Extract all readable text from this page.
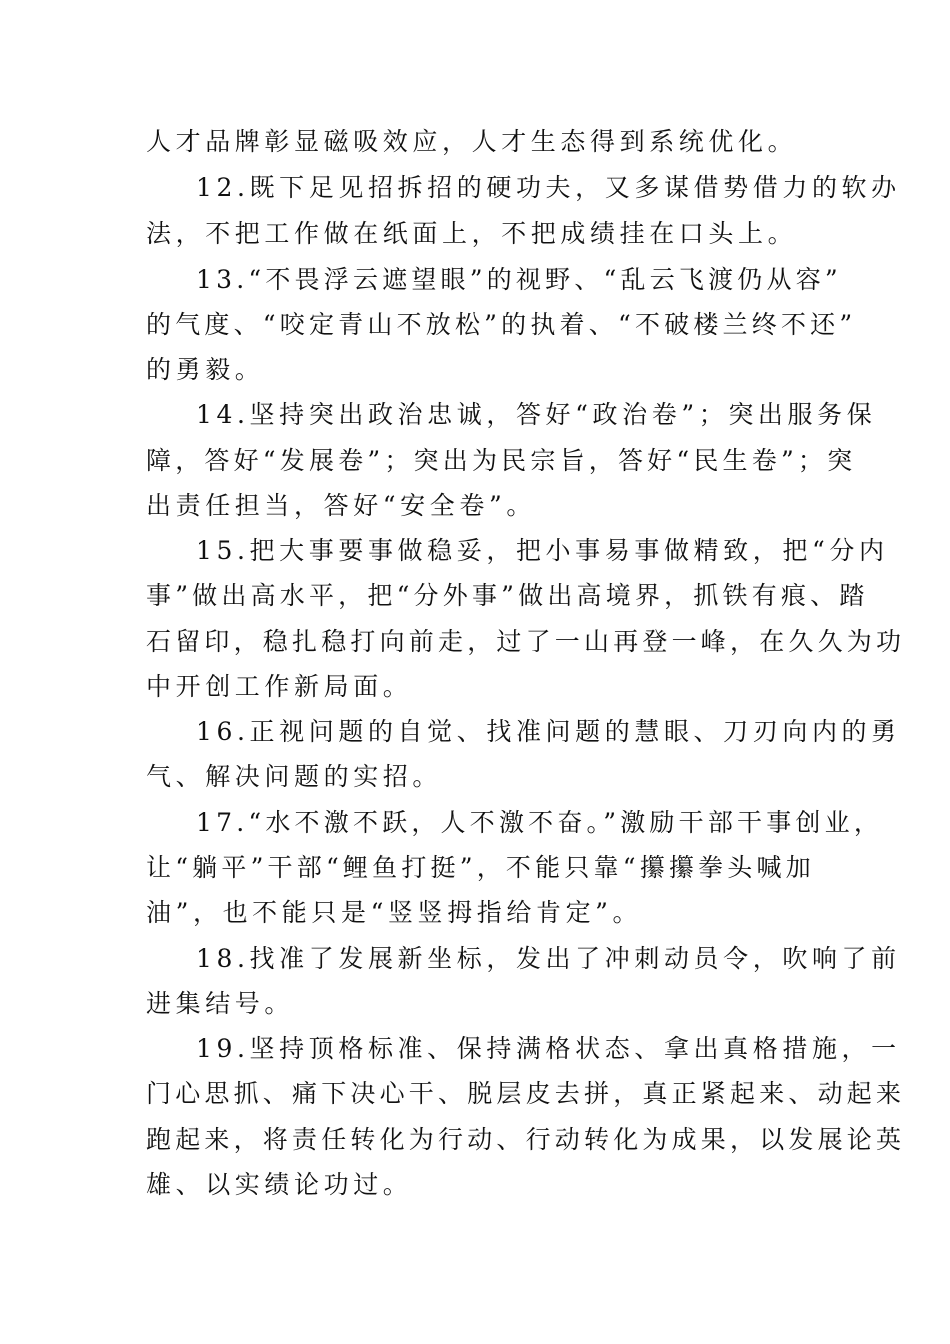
人才品牌彰显磁吸效应，人才生态得到系统优化。
12.既下足见招拆招的硬功夫，又多谋借势借力的软办
法，不把工作做在纸面上，不把成绩挂在口头上。
13.“不畏浮云遮望眼”的视野、“乱云飞渡仍从容”
的气度、“咬定青山不放松”的执着、“不破楼兰终不还”
的勇毅。
14.坚持突出政治忠诚，答好“政治卷”；突出服务保
障，答好“发展卷”；突出为民宗旨，答好“民生卷”；突
出责任担当，答好“安全卷”。
15.把大事要事做稳妥，把小事易事做精致，把“分内
事”做出高水平，把“分外事”做出高境界，抓铁有痕、踏
石留印，稳扎稳打向前走，过了一山再登一峰，在久久为功
中开创工作新局面。
16.正视问题的自觉、找准问题的慧眼、刀刃向内的勇
气、解决问题的实招。
17.“水不激不跃，人不激不奋。”激励干部干事创业，
让“躺平”干部“鲤鱼打挺”，不能只靠“攥攥拳头喊加
油”，也不能只是“竖竖拇指给肯定”。
18.找准了发展新坐标，发出了冲刺动员令，吹响了前
进集结号。
19.坚持顶格标准、保持满格状态、拿出真格措施，一
门心思抓、痛下决心干、脱层皮去拼，真正紧起来、动起来
跑起来，将责任转化为行动、行动转化为成果，以发展论英
雄、以实绩论功过。
